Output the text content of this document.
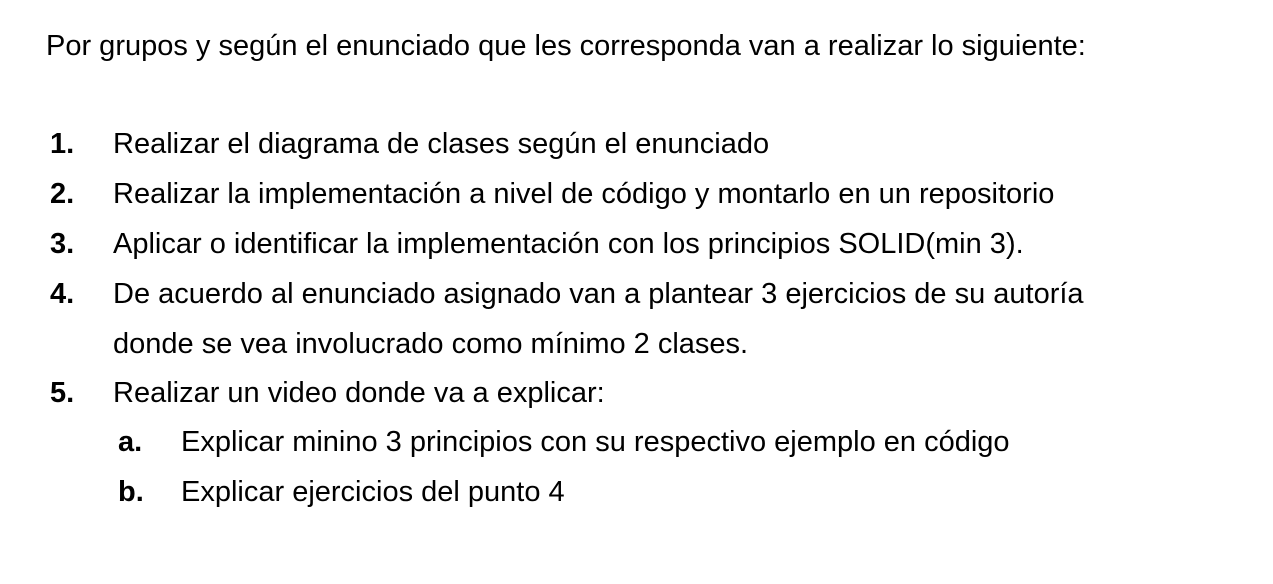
Por grupos y según el enunciado que les corresponda van a realizar lo siguiente:
1. Realizar el diagrama de clases según el enunciado
2. Realizar la implementación a nivel de código y montarlo en un repositorio
3. Aplicar o identificar la implementación con los principios SOLID(min 3).
4. De acuerdo al enunciado asignado van a plantear 3 ejercicios de su autoría
donde se vea involucrado como mínimo 2 clases.
5. Realizar un video donde va a explicar:
a. Explicar minino 3 principios con su respectivo ejemplo en código
b. Explicar ejercicios del punto 4
